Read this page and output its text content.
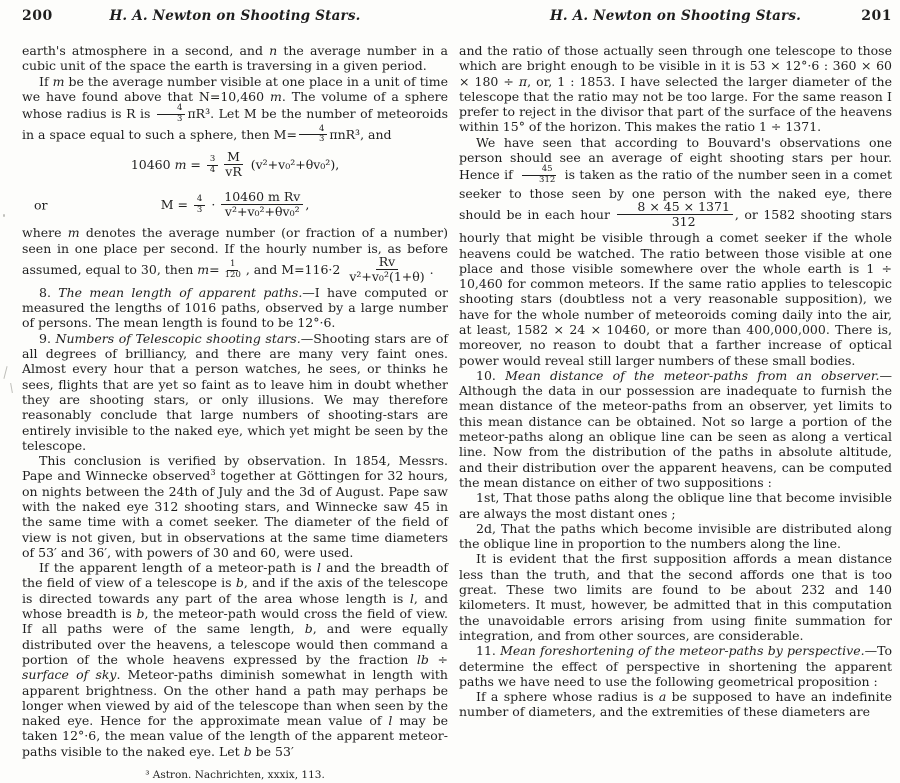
200	H. A. Newton on Shooting Stars.
earth's atmosphere in a second, and n the average number in a cubic unit of the space the earth is traversing in a given period.
If m be the average number visible at one place in a unit of time we have found above that N=10,460 m. The volume of a sphere whose radius is R is $\frac{4}{3} \pi R^3$. Let M be the number of meteoroids in a space equal to such a sphere, then $M= \frac{4}{3} \pi nR^3$, and
10460 $m = \frac{3}{4} \frac{M}{vR} (v^2+v_0^2+\theta v_0^2)$,
or	$M = \frac{4}{3} \cdot \frac{\text{10460 m Rv}}{\text{v²+v₀²+θv₀²}}$ ,
where m denotes the average number (or fraction of a number) seen in one place per second. If the hourly number is, as before assumed, equal to 30, then $m= \frac{1}{120}$ , and $M=116\cdot 2 \frac{Rv}{\text{v²+v₀²(1+θ)}}$ .
8. The mean length of apparent paths.—I have computed or measured the lengths of 1016 paths, observed by a large number of persons. The mean length is found to be 12°·6.
9. Numbers of Telescopic shooting stars.—Shooting stars are of all degrees of brilliancy, and there are many very faint ones. Almost every hour that a person watches, he sees, or thinks he sees, flights that are yet so faint as to leave him in doubt whether they are shooting stars, or only illusions. We may therefore reasonably conclude that large numbers of shooting-stars are entirely invisible to the naked eye, which yet might be seen by the telescope.
This conclusion is verified by observation. In 1854, Messrs. Pape and Winnecke observed$^3$ together at Göttingen for 32 hours, on nights between the 24th of July and the 3d of August. Pape saw with the naked eye 312 shooting stars, and Winnecke saw 45 in the same time with a comet seeker. The diameter of the field of view is not given, but in observations at the same time diameters of 53′ and 36′, with powers of 30 and 60, were used.
If the apparent length of a meteor-path is l and the breadth of the field of view of a telescope is b, and if the axis of the telescope is directed towards any part of the area whose length is l, and whose breadth is b, the meteor-path would cross the field of view. If all paths were of the same length, b, and were equally distributed over the heavens, a telescope would then command a portion of the whole heavens expressed by the fraction lb ÷ surface of sky. Meteor-paths diminish somewhat in length with apparent brightness. On the other hand a path may perhaps be longer when viewed by aid of the telescope than when seen by the naked eye. Hence for the approximate mean value of l may be taken 12°·6, the mean value of the length of the apparent meteor-paths visible to the naked eye. Let b be 53′
³ Astron. Nachrichten, xxxix, 113.
H. A. Newton on Shooting Stars.	201
and the ratio of those actually seen through one telescope to those which are bright enough to be visible in it is 53 × 12°·6 : 360 × 60 × 180 ÷ π, or, 1 : 1853. I have selected the larger diameter of the telescope that the ratio may not be too large. For the same reason I prefer to reject in the divisor that part of the surface of the heavens within 15° of the horizon. This makes the ratio 1 ÷ 1371.
We have seen that according to Bouvard's observations one person should see an average of eight shooting stars per hour. Hence if $\frac{45}{312}$ is taken as the ratio of the number seen in a comet seeker to those seen by one person with the naked eye, there should be in each hour $\frac{8 \times 45 \times 1371}{312}$ , or 1582 shooting stars hourly that might be visible through a comet seeker if the whole heavens could be watched. The ratio between those visible at one place and those visible somewhere over the whole earth is 1 ÷ 10,460 for common meteors. If the same ratio applies to telescopic shooting stars (doubtless not a very reasonable supposition), we have for the whole number of meteoroids coming daily into the air, at least, 1582 × 24 × 10460, or more than 400,000,000. There is, moreover, no reason to doubt that a farther increase of optical power would reveal still larger numbers of these small bodies.
10. Mean distance of the meteor-paths from an observer.—Although the data in our possession are inadequate to furnish the mean distance of the meteor-paths from an observer, yet limits to this mean distance can be obtained. Not so large a portion of the meteor-paths along an oblique line can be seen as along a vertical line. Now from the distribution of the paths in absolute altitude, and their distribution over the apparent heavens, can be computed the mean distance on either of two suppositions :
1st, That those paths along the oblique line that become invisible are always the most distant ones ;
2d, That the paths which become invisible are distributed along the oblique line in proportion to the numbers along the line.
It is evident that the first supposition affords a mean distance less than the truth, and that the second affords one that is too great. These two limits are found to be about 232 and 140 kilometers. It must, however, be admitted that in this computation the unavoidable errors arising from using finite summation for integration, and from other sources, are considerable.
11. Mean foreshortening of the meteor-paths by perspective.—To determine the effect of perspective in shortening the apparent paths we have need to use the following geometrical proposition :
If a sphere whose radius is a be supposed to have an indefinite number of diameters, and the extremities of these diameters are
